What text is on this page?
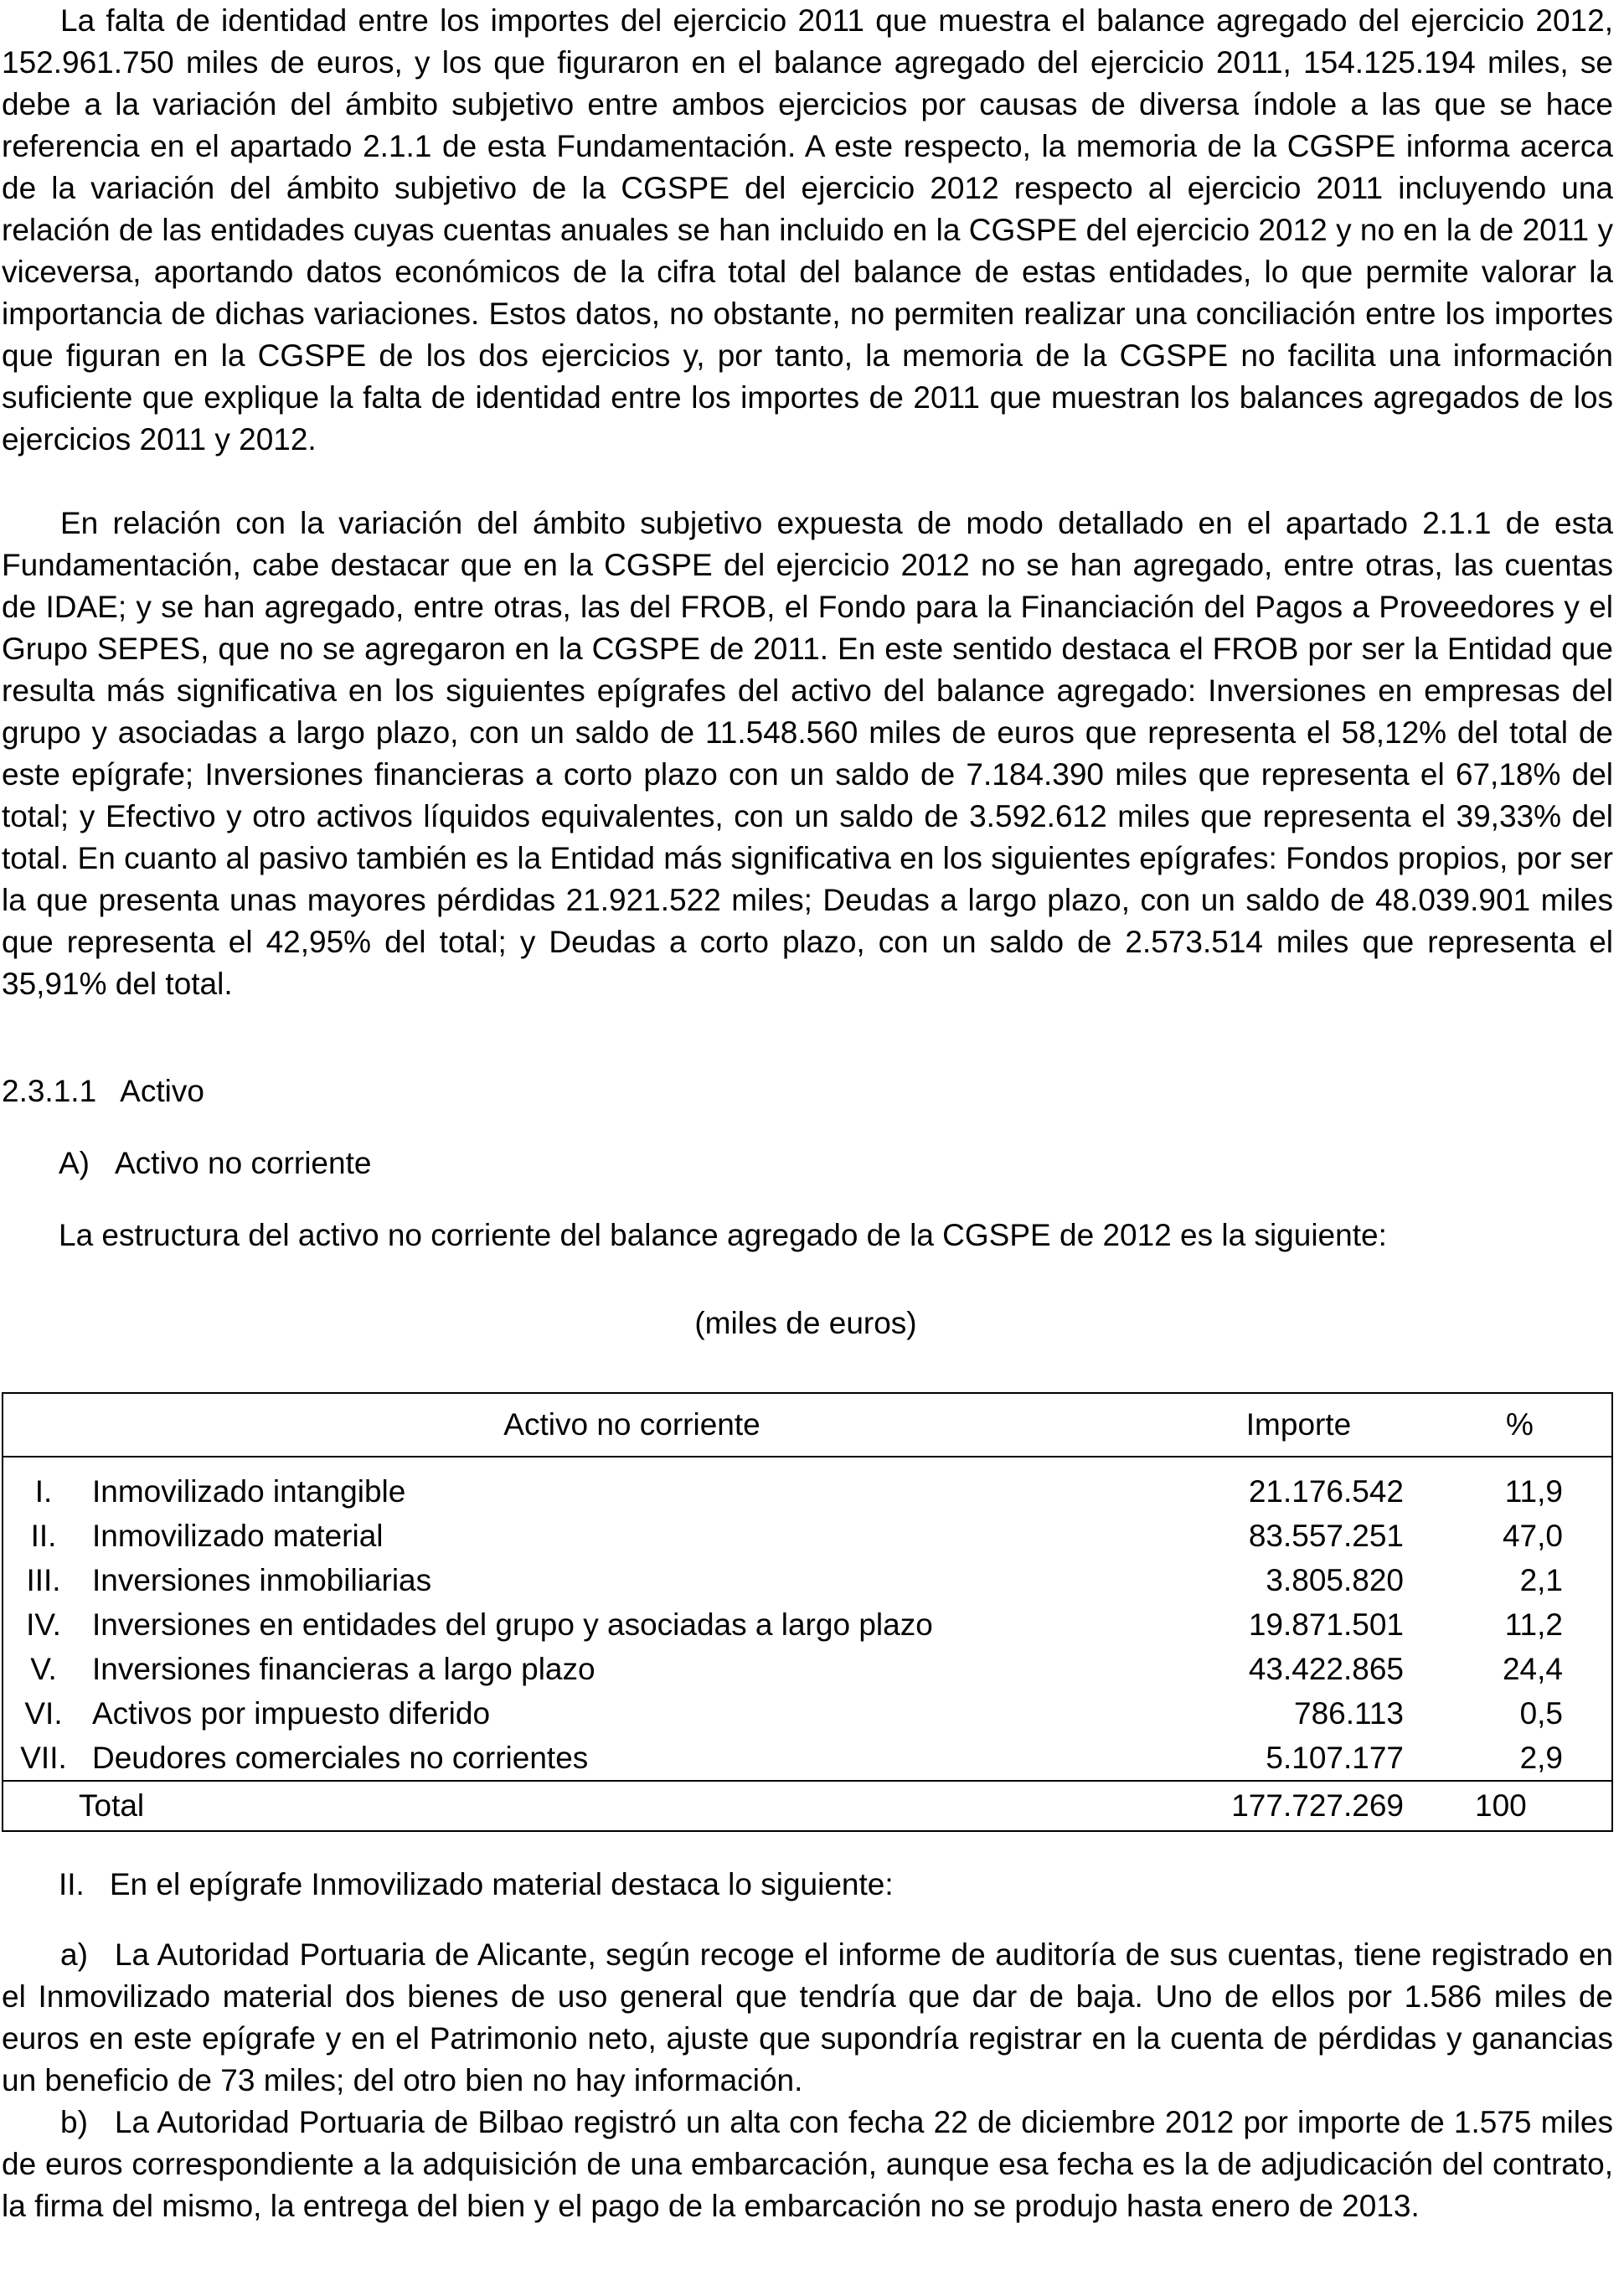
La falta de identidad entre los importes del ejercicio 2011 que muestra el balance agregado del ejercicio 2012, 152.961.750 miles de euros, y los que figuraron en el balance agregado del ejercicio 2011, 154.125.194 miles, se debe a la variación del ámbito subjetivo entre ambos ejercicios por causas de diversa índole a las que se hace referencia en el apartado 2.1.1 de esta Fundamentación. A este respecto, la memoria de la CGSPE informa acerca de la variación del ámbito subjetivo de la CGSPE del ejercicio 2012 respecto al ejercicio 2011 incluyendo una relación de las entidades cuyas cuentas anuales se han incluido en la CGSPE del ejercicio 2012 y no en la de 2011 y viceversa, aportando datos económicos de la cifra total del balance de estas entidades, lo que permite valorar la importancia de dichas variaciones. Estos datos, no obstante, no permiten realizar una conciliación entre los importes que figuran en la CGSPE de los dos ejercicios y, por tanto, la memoria de la CGSPE no facilita una información suficiente que explique la falta de identidad entre los importes de 2011 que muestran los balances agregados de los ejercicios 2011 y 2012.

En relación con la variación del ámbito subjetivo expuesta de modo detallado en el apartado 2.1.1 de esta Fundamentación, cabe destacar que en la CGSPE del ejercicio 2012 no se han agregado, entre otras, las cuentas de IDAE; y se han agregado, entre otras, las del FROB, el Fondo para la Financiación del Pagos a Proveedores y el Grupo SEPES, que no se agregaron en la CGSPE de 2011. En este sentido destaca el FROB por ser la Entidad que resulta más significativa en los siguientes epígrafes del activo del balance agregado: Inversiones en empresas del grupo y asociadas a largo plazo, con un saldo de 11.548.560 miles de euros que representa el 58,12% del total de este epígrafe; Inversiones financieras a corto plazo con un saldo de 7.184.390 miles que representa el 67,18% del total; y Efectivo y otro activos líquidos equivalentes, con un saldo de 3.592.612 miles que representa el 39,33% del total. En cuanto al pasivo también es la Entidad más significativa en los siguientes epígrafes: Fondos propios, por ser la que presenta unas mayores pérdidas 21.921.522 miles; Deudas a largo plazo, con un saldo de 48.039.901 miles que representa el 42,95% del total; y Deudas a corto plazo, con un saldo de 2.573.514 miles que representa el 35,91% del total.

2.3.1.1 Activo
A) Activo no corriente
La estructura del activo no corriente del balance agregado de la CGSPE de 2012 es la siguiente:
(miles de euros)
Activo no corriente		Importe	%
I.	Inmovilizado intangible	21.176.542	11,9
II.	Inmovilizado material	83.557.251	47,0
III.	Inversiones inmobiliarias	3.805.820	2,1
IV.	Inversiones en entidades del grupo y asociadas a largo plazo	19.871.501	11,2
V.	Inversiones financieras a largo plazo	43.422.865	24,4
VI.	Activos por impuesto diferido	786.113	0,5
VII.	Deudores comerciales no corrientes	5.107.177	2,9
Total		177.727.269	100
II. En el epígrafe Inmovilizado material destaca lo siguiente:

a) La Autoridad Portuaria de Alicante, según recoge el informe de auditoría de sus cuentas, tiene registrado en el Inmovilizado material dos bienes de uso general que tendría que dar de baja. Uno de ellos por 1.586 miles de euros en este epígrafe y en el Patrimonio neto, ajuste que supondría registrar en la cuenta de pérdidas y ganancias un beneficio de 73 miles; del otro bien no hay información.

b) La Autoridad Portuaria de Bilbao registró un alta con fecha 22 de diciembre 2012 por importe de 1.575 miles de euros correspondiente a la adquisición de una embarcación, aunque esa fecha es la de adjudicación del contrato, la firma del mismo, la entrega del bien y el pago de la embarcación no se produjo hasta enero de 2013.
